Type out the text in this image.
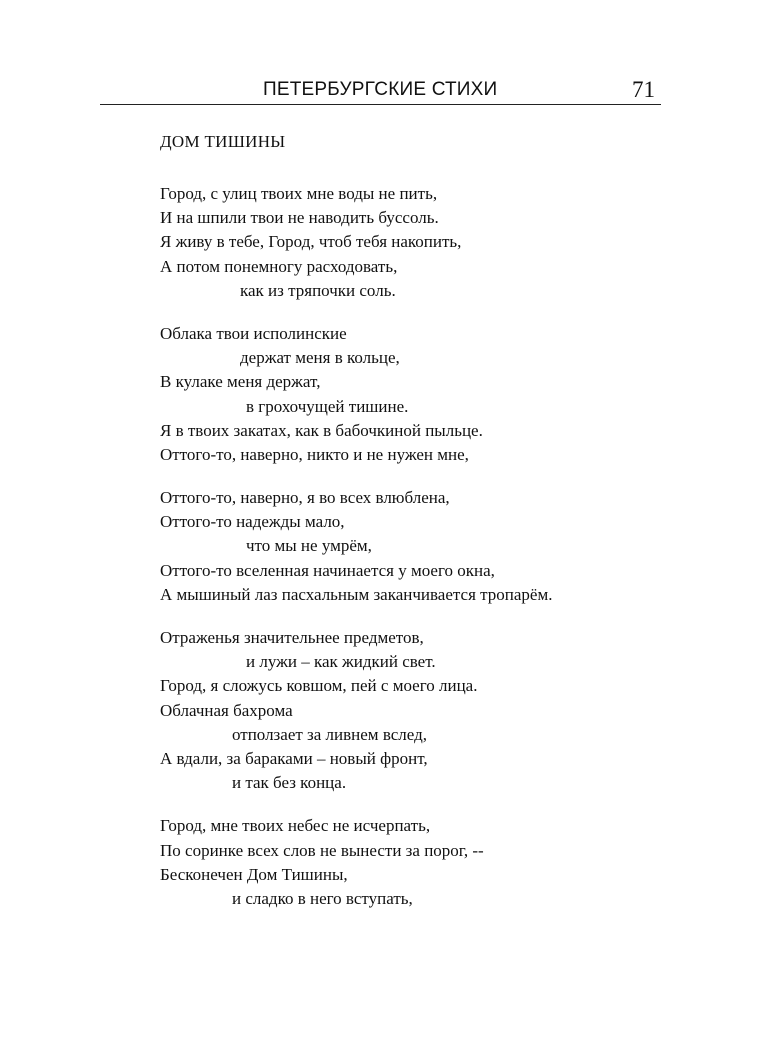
ПЕТЕРБУРГСКИЕ СТИХИ	71
ДОМ ТИШИНЫ
Город, с улиц твоих мне воды не пить,
И на шпили твои не наводить буссоль.
Я живу в тебе, Город, чтоб тебя накопить,
А потом понемногу расходовать,
как из тряпочки соль.
Облака твои исполинские
держат меня в кольце,
В кулаке меня держат,
в грохочущей тишине.
Я в твоих закатах, как в бабочкиной пыльце.
Оттого-то, наверно, никто и не нужен мне,
Оттого-то, наверно, я во всех влюблена,
Оттого-то надежды мало,
что мы не умрём,
Оттого-то вселенная начинается у моего окна,
А мышиный лаз пасхальным заканчивается тропарём.
Отраженья значительнее предметов,
и лужи – как жидкий свет.
Город, я сложусь ковшом, пей с моего лица.
Облачная бахрома
отползает за ливнем вслед,
А вдали, за бараками – новый фронт,
и так без конца.
Город, мне твоих небес не исчерпать,
По соринке всех слов не вынести за порог, --
Бесконечен Дом Тишины,
и сладко в него вступать,
